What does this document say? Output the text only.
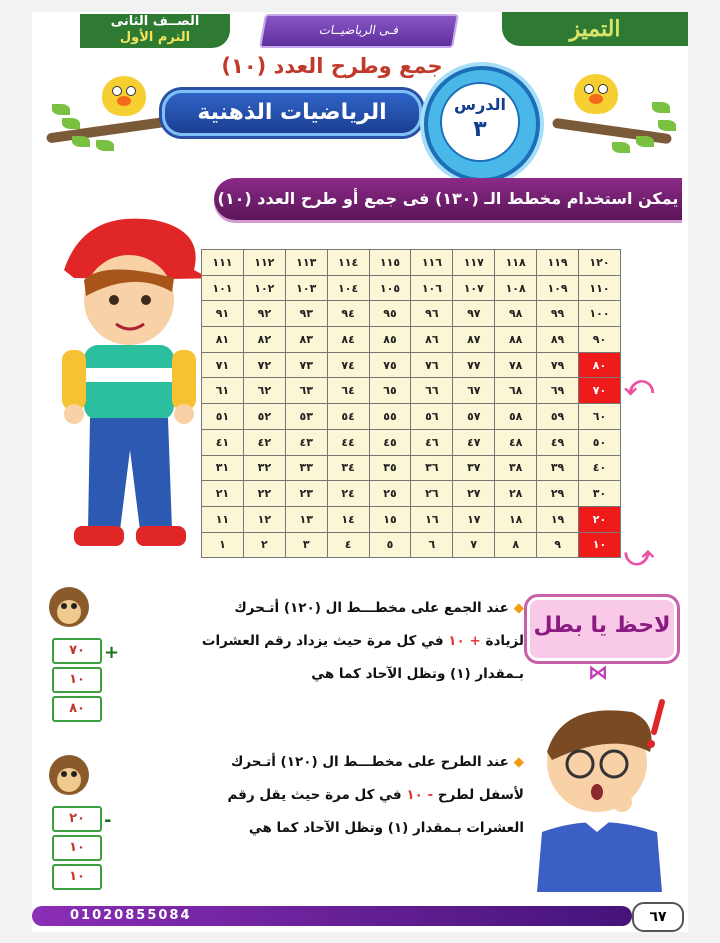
الصــف الثانى
الترم الأول	فـى الرياضيــات	التميز
جمع وطرح العدد (١٠)
الرياضيات الذهنية	الدرس
٣
يمكن استخدام مخطط الـ (١٣٠) فى جمع أو طرح العدد (١٠)
١١١	١١٢	١١٣	١١٤	١١٥	١١٦	١١٧	١١٨	١١٩	١٢٠
١٠١	١٠٢	١٠٣	١٠٤	١٠٥	١٠٦	١٠٧	١٠٨	١٠٩	١١٠
٩١	٩٢	٩٣	٩٤	٩٥	٩٦	٩٧	٩٨	٩٩	١٠٠
٨١	٨٢	٨٣	٨٤	٨٥	٨٦	٨٧	٨٨	٨٩	٩٠
٧١	٧٢	٧٣	٧٤	٧٥	٧٦	٧٧	٧٨	٧٩	٨٠
٦١	٦٢	٦٣	٦٤	٦٥	٦٦	٦٧	٦٨	٦٩	٧٠
٥١	٥٢	٥٣	٥٤	٥٥	٥٦	٥٧	٥٨	٥٩	٦٠
٤١	٤٢	٤٣	٤٤	٤٥	٤٦	٤٧	٤٨	٤٩	٥٠
٣١	٣٢	٣٣	٣٤	٣٥	٣٦	٣٧	٣٨	٣٩	٤٠
٢١	٢٢	٢٣	٢٤	٢٥	٢٦	٢٧	٢٨	٢٩	٣٠
١١	١٢	١٣	١٤	١٥	١٦	١٧	١٨	١٩	٢٠
١	٢	٣	٤	٥	٦	٧	٨	٩	١٠
⤺
⤻
لاحظ يا بطل
⋈
◆ عند الجمع على مخطـــط ال (١٢٠) أتـحرك
لزيادة + ١٠ في كل مرة حيث يزداد رقم العشرات
بـمقدار (١) وتظل الآحاد كما هي
◆ عند الطرح على مخطـــط ال (١٢٠) أتـحرك
لأسفل لطرح - ١٠ في كل مرة حيث يقل رقم
العشرات بـمقدار (١) وتظل الآحاد كما هي
٧٠
١٠
٨٠
+
٢٠
١٠
١٠
-
01020855084	٦٧
